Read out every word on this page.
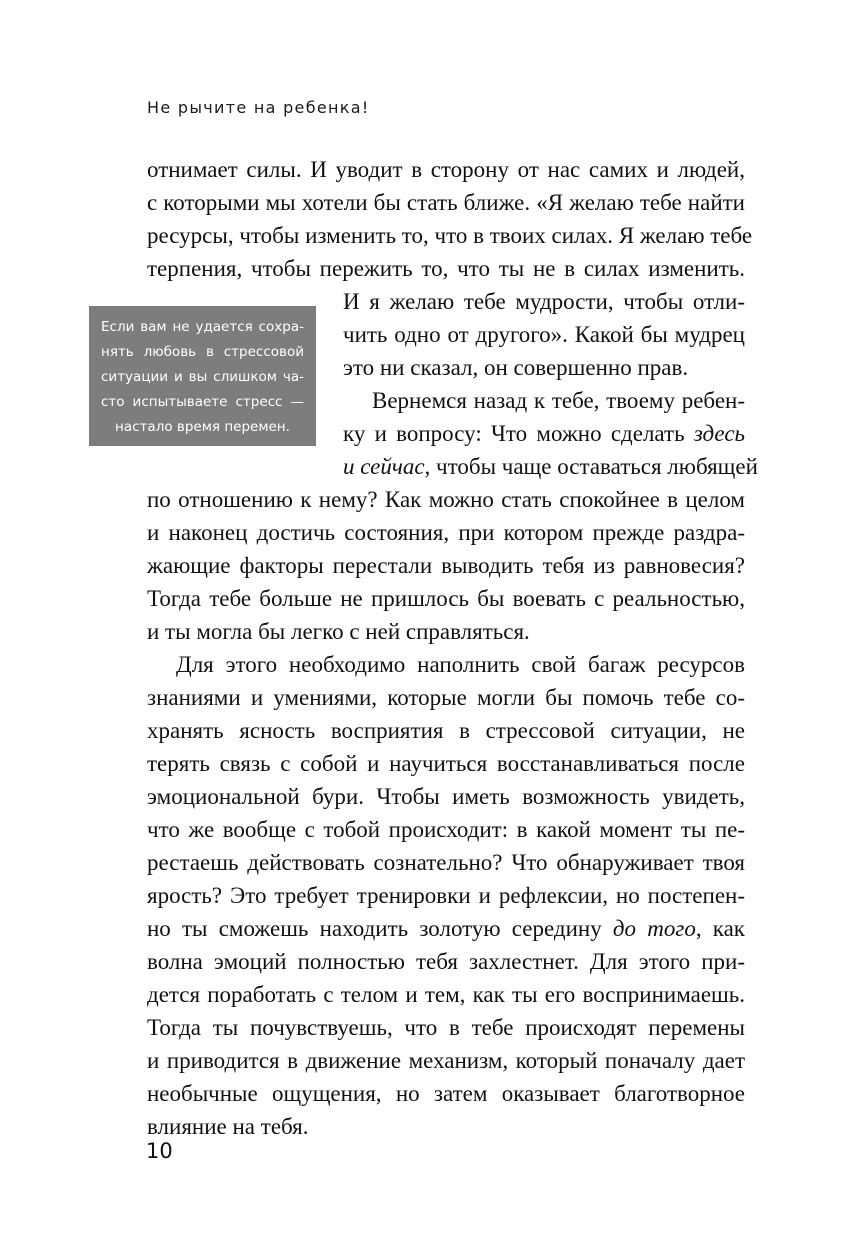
Не рычите на ребенка!
отнимает силы. И уводит в сторону от нас самих и людей,
с которыми мы хотели бы стать ближе. «Я желаю тебе найти
ресурсы, чтобы изменить то, что в твоих силах. Я желаю тебе
терпения, чтобы пережить то, что ты не в силах изменить.
И я желаю тебе мудрости, чтобы отли-
чить одно от другого». Какой бы мудрец
это ни сказал, он совершенно прав.
Вернемся назад к тебе, твоему ребен-
ку и вопросу: Что можно сделать здесь
и сейчас, чтобы чаще оставаться любящей
по отношению к нему? Как можно стать спокойнее в целом
и наконец достичь состояния, при котором прежде раздра-
жающие факторы перестали выводить тебя из равновесия?
Тогда тебе больше не пришлось бы воевать с реальностью,
и ты могла бы легко с ней справляться.
Для этого необходимо наполнить свой багаж ресурсов
знаниями и умениями, которые могли бы помочь тебе со-
хранять ясность восприятия в стрессовой ситуации, не
терять связь с собой и научиться восстанавливаться после
эмоциональной бури. Чтобы иметь возможность увидеть,
что же вообще с тобой происходит: в какой момент ты пе-
рестаешь действовать сознательно? Что обнаруживает твоя
ярость? Это требует тренировки и рефлексии, но постепен-
но ты сможешь находить золотую середину до того, как
волна эмоций полностью тебя захлестнет. Для этого при-
дется поработать с телом и тем, как ты его воспринимаешь.
Тогда ты почувствуешь, что в тебе происходят перемены
и приводится в движение механизм, который поначалу дает
необычные ощущения, но затем оказывает благотворное
влияние на тебя.
Если вам не удается сохра-
нять любовь в стрессовой
ситуации и вы слишком ча-
сто испытываете стресс —
настало время перемен.
10
